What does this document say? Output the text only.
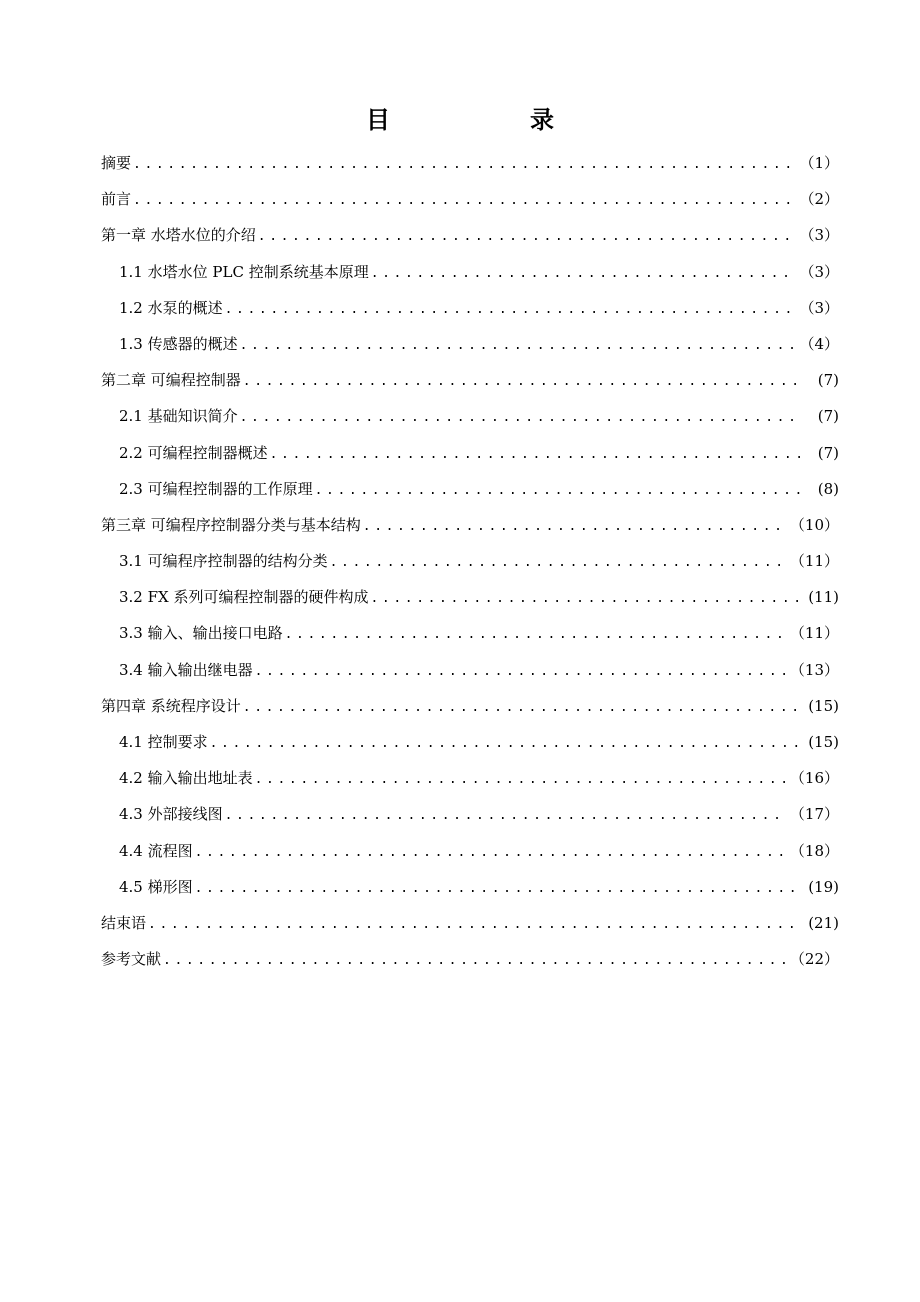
目　录
摘要 .....	（1）
前言 .....	（2）
第一章 水塔水位的介绍 .....	（3）
1.1 水塔水位 PLC 控制系统基本原理 .....	（3）
1.2 水泵的概述 .....	（3）
1.3 传感器的概述 .....	（4）
第二章 可编程控制器 .....	(7)
2.1 基础知识简介 .....	(7)
2.2 可编程控制器概述 .....	(7)
2.3 可编程控制器的工作原理 .....	(8)
第三章 可编程序控制器分类与基本结构 .....	（10）
3.1 可编程序控制器的结构分类 .....	（11）
3.2 FX 系列可编程控制器的硬件构成 .....	(11)
3.3 输入、输出接口电路 .....	（11）
3.4 输入输出继电器 .....	（13）
第四章 系统程序设计 .....	(15)
4.1 控制要求 .....	(15)
4.2 输入输出地址表 .....	（16）
4.3 外部接线图 .....	（17）
4.4 流程图 .....	（18）
4.5 梯形图 .....	(19)
结束语 .....	(21)
参考文献 .....	（22）
